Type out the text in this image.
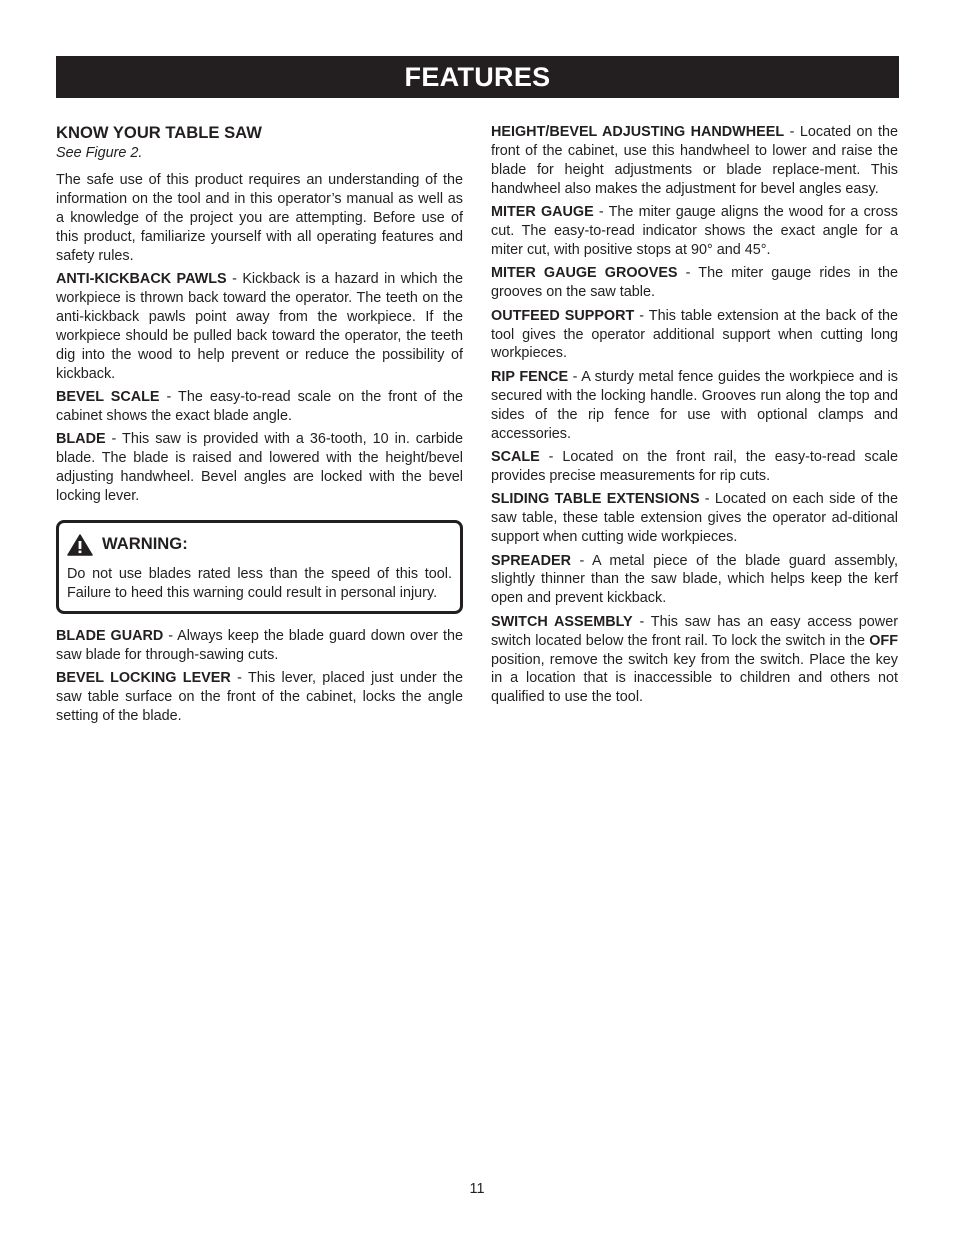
FEATURES
KNOW YOUR TABLE SAW

See Figure 2.

The safe use of this product requires an understanding of the information on the tool and in this operator’s manual as well as a knowledge of the project you are attempting. Before use of this product, familiarize yourself with all operating features and safety rules.

ANTI-KICKBACK PAWLS - Kickback is a hazard in which the workpiece is thrown back toward the operator. The teeth on the anti-kickback pawls point away from the workpiece. If the workpiece should be pulled back toward the operator, the teeth dig into the wood to help prevent or reduce the possibility of kickback.

BEVEL SCALE - The easy-to-read scale on the front of the cabinet shows the exact blade angle.

BLADE - This saw is provided with a 36-tooth, 10 in. carbide blade. The blade is raised and lowered with the height/bevel adjusting handwheel. Bevel angles are locked with the bevel locking lever.

WARNING:

Do not use blades rated less than the speed of this tool. Failure to heed this warning could result in personal injury.

BLADE GUARD - Always keep the blade guard down over the saw blade for through-sawing cuts.

BEVEL LOCKING LEVER - This lever, placed just under the saw table surface on the front of the cabinet, locks the angle setting of the blade.

HEIGHT/BEVEL ADJUSTING HANDWHEEL - Located on the front of the cabinet, use this handwheel to lower and raise the blade for height adjustments or blade replace-ment. This handwheel also makes the adjustment for bevel angles easy.

MITER GAUGE - The miter gauge aligns the wood for a cross cut. The easy-to-read indicator shows the exact angle for a miter cut, with positive stops at 90° and 45°.

MITER GAUGE GROOVES - The miter gauge rides in the grooves on the saw table.

OUTFEED SUPPORT - This table extension at the back of the tool gives the operator additional support when cutting long workpieces.

RIP FENCE - A sturdy metal fence guides the workpiece and is secured with the locking handle. Grooves run along the top and sides of the rip fence for use with optional clamps and accessories.

SCALE - Located on the front rail, the easy-to-read scale provides precise measurements for rip cuts.

SLIDING TABLE EXTENSIONS - Located on each side of the saw table, these table extension gives the operator ad-ditional support when cutting wide workpieces.

SPREADER - A metal piece of the blade guard assembly, slightly thinner than the saw blade, which helps keep the kerf open and prevent kickback.

SWITCH ASSEMBLY - This saw has an easy access power switch located below the front rail. To lock the switch in the OFF position, remove the switch key from the switch. Place the key in a location that is inaccessible to children and others not qualified to use the tool.

11
